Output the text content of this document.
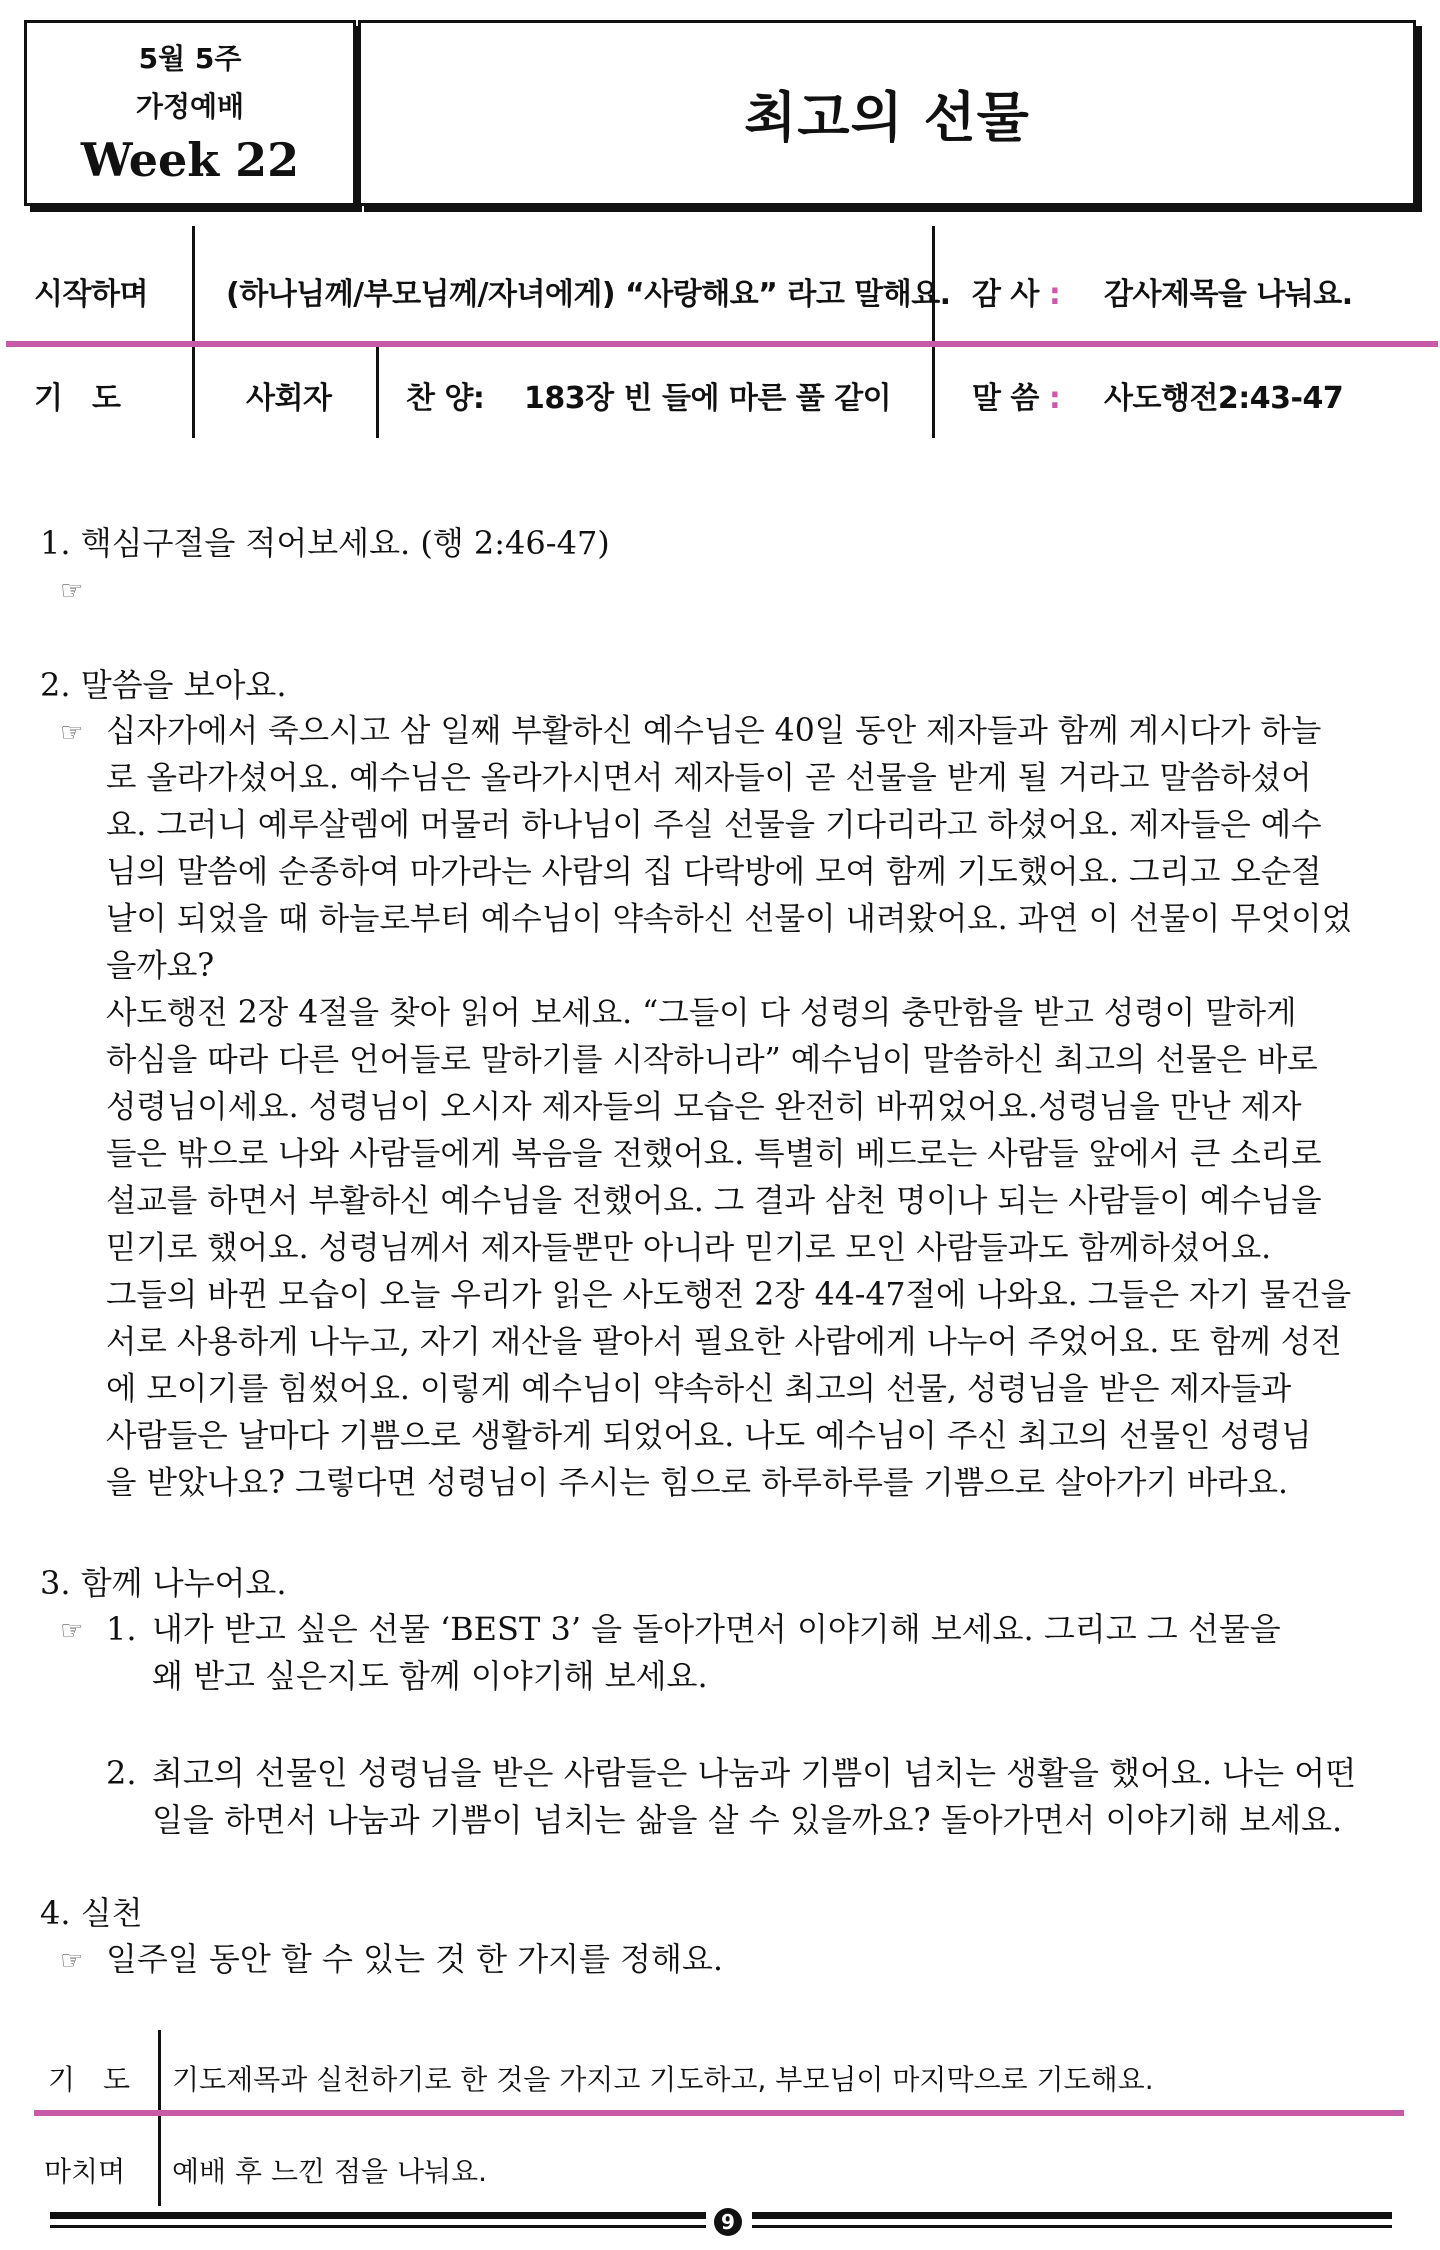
5월 5주
가정예배
Week 22
최고의 선물
시작하며	(하나님께/부모님께/자녀에게) “사랑해요” 라고 말해요. 감 사 : 감사제목을 나눠요.
기　도	사회자 찬 양: 183장 빈 들에 마른 풀 같이	말 씀 : 사도행전2:43-47
1. 핵심구절을 적어보세요. (행 2:46-47)
☞
2. 말씀을 보아요.
☞ 십자가에서 죽으시고 삼 일째 부활하신 예수님은 40일 동안 제자들과 함께 계시다가 하늘
로 올라가셨어요. 예수님은 올라가시면서 제자들이 곧 선물을 받게 될 거라고 말씀하셨어
요. 그러니 예루살렘에 머물러 하나님이 주실 선물을 기다리라고 하셨어요. 제자들은 예수
님의 말씀에 순종하여 마가라는 사람의 집 다락방에 모여 함께 기도했어요. 그리고 오순절
날이 되었을 때 하늘로부터 예수님이 약속하신 선물이 내려왔어요. 과연 이 선물이 무엇이었
을까요?
사도행전 2장 4절을 찾아 읽어 보세요. “그들이 다 성령의 충만함을 받고 성령이 말하게
하심을 따라 다른 언어들로 말하기를 시작하니라” 예수님이 말씀하신 최고의 선물은 바로
성령님이세요. 성령님이 오시자 제자들의 모습은 완전히 바뀌었어요.성령님을 만난 제자
들은 밖으로 나와 사람들에게 복음을 전했어요. 특별히 베드로는 사람들 앞에서 큰 소리로
설교를 하면서 부활하신 예수님을 전했어요. 그 결과 삼천 명이나 되는 사람들이 예수님을
믿기로 했어요. 성령님께서 제자들뿐만 아니라 믿기로 모인 사람들과도 함께하셨어요.
그들의 바뀐 모습이 오늘 우리가 읽은 사도행전 2장 44-47절에 나와요. 그들은 자기 물건을
서로 사용하게 나누고, 자기 재산을 팔아서 필요한 사람에게 나누어 주었어요. 또 함께 성전
에 모이기를 힘썼어요. 이렇게 예수님이 약속하신 최고의 선물, 성령님을 받은 제자들과
사람들은 날마다 기쁨으로 생활하게 되었어요. 나도 예수님이 주신 최고의 선물인 성령님
을 받았나요? 그렇다면 성령님이 주시는 힘으로 하루하루를 기쁨으로 살아가기 바라요.
3. 함께 나누어요.
☞ 1. 내가 받고 싶은 선물 ‘BEST 3’ 을 돌아가면서 이야기해 보세요. 그리고 그 선물을
왜 받고 싶은지도 함께 이야기해 보세요.
2. 최고의 선물인 성령님을 받은 사람들은 나눔과 기쁨이 넘치는 생활을 했어요. 나는 어떤
일을 하면서 나눔과 기쁨이 넘치는 삶을 살 수 있을까요? 돌아가면서 이야기해 보세요.
4. 실천
☞ 일주일 동안 할 수 있는 것 한 가지를 정해요.
기　도 기도제목과 실천하기로 한 것을 가지고 기도하고, 부모님이 마지막으로 기도해요.
마치며 예배 후 느낀 점을 나눠요.
9
